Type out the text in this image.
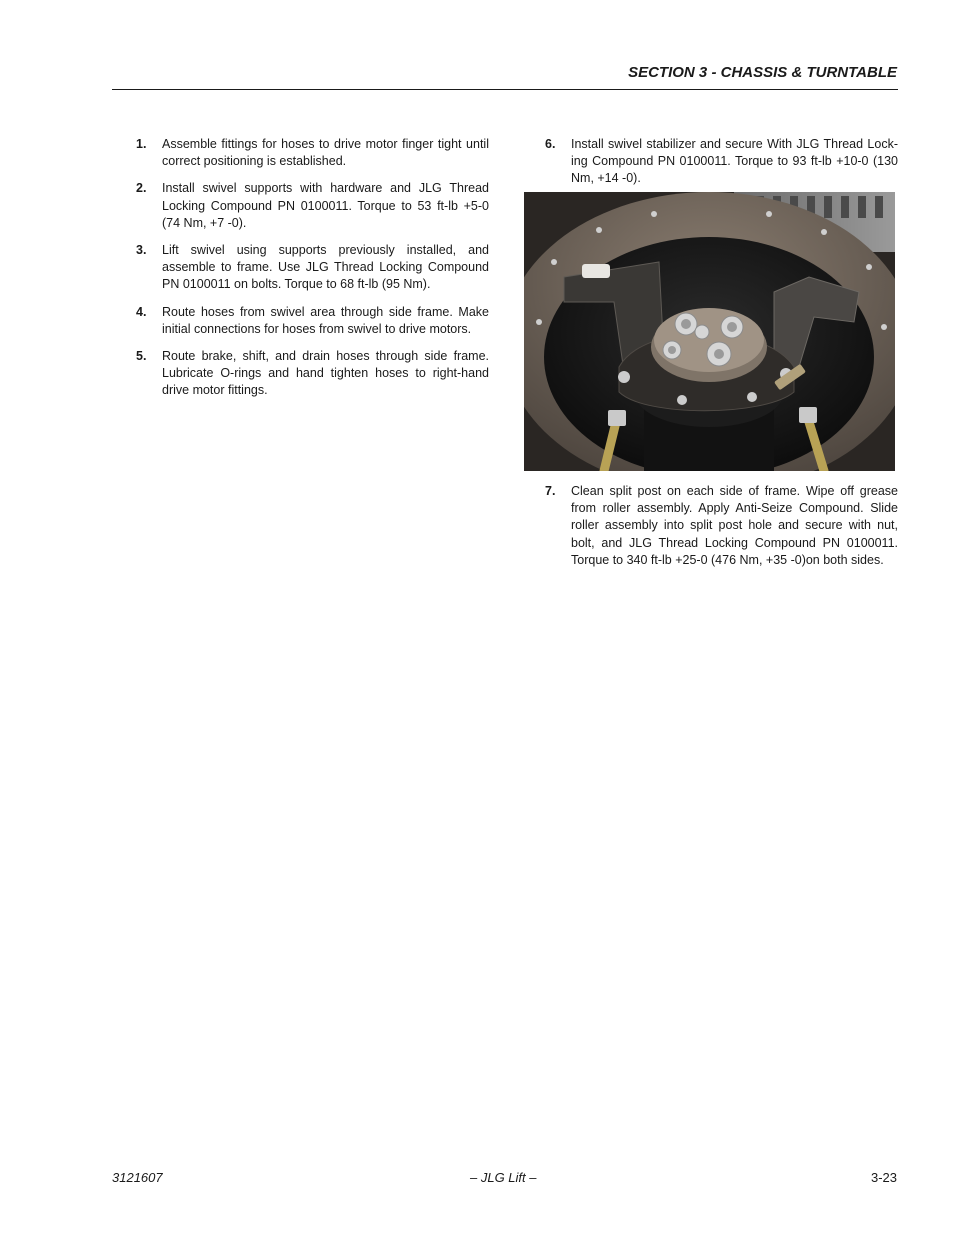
SECTION 3 - CHASSIS & TURNTABLE
1. Assemble fittings for hoses to drive motor finger tight until correct positioning is established.
2. Install swivel supports with hardware and JLG Thread Locking Compound PN 0100011. Torque to 53 ft-lb +5-0 (74 Nm, +7 -0).
3. Lift swivel using supports previously installed, and assemble to frame. Use JLG Thread Locking Compound PN 0100011 on bolts. Torque to 68 ft-lb (95 Nm).
4. Route hoses from swivel area through side frame. Make initial connections for hoses from swivel to drive motors.
5. Route brake, shift, and drain hoses through side frame. Lubricate O-rings and hand tighten hoses to right-hand drive motor fittings.
6. Install swivel stabilizer and secure With JLG Thread Lock-ing Compound PN 0100011. Torque to 93 ft-lb +10-0 (130 Nm, +14 -0).
7. Clean split post on each side of frame. Wipe off grease from roller assembly. Apply Anti-Seize Compound. Slide roller assembly into split post hole and secure with nut, bolt, and JLG Thread Locking Compound PN 0100011. Torque to 340 ft-lb +25-0 (476 Nm, +35 -0)on both sides.
3121607	– JLG Lift –	3-23
